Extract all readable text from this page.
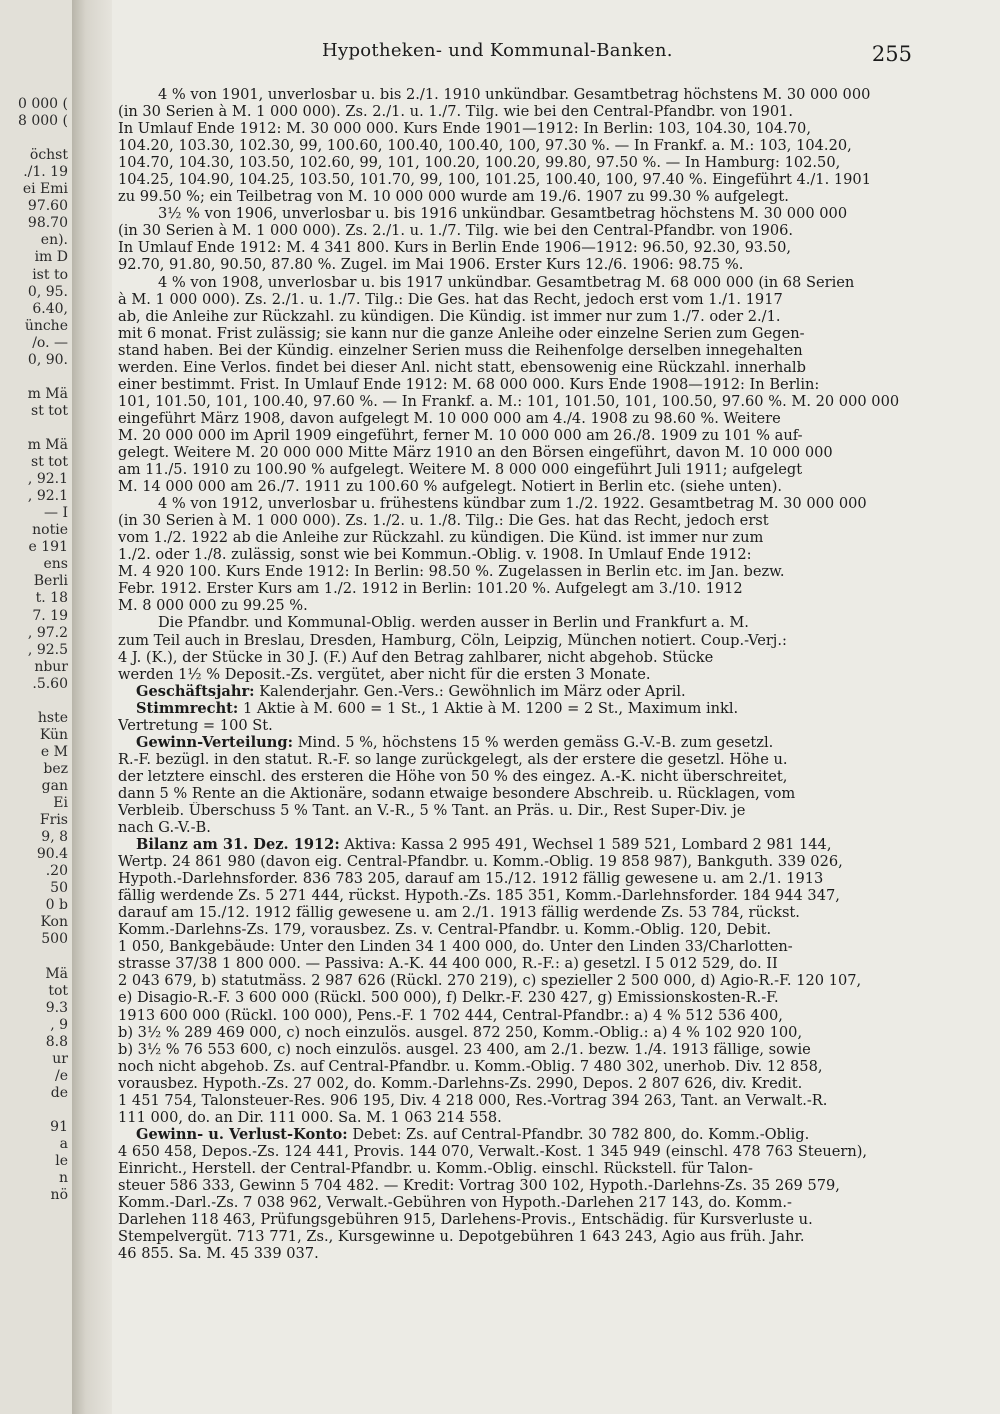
0 000 (
8 000 (
öchst
./1. 19
ei Emi
97.60
98.70
en).
im D
ist to
0, 95.
6.40,
ünche
/o. —
0, 90.
m Mä
st tot
m Mä
st tot
, 92.1
, 92.1
— I
notie
e 191
ens
Berli
t. 18
7. 19
, 97.2
, 92.5
nbur
.5.60
hste
Kün
e M
bez
gan
Ei
Fris
9, 8
90.4
.20
50
0 b
Kon
500
Mä
tot
9.3
, 9
8.8
ur
/e
de
91
a
le
n
nö
Hypotheken- und Kommunal-Banken.	255
4 % von 1901, unverlosbar u. bis 2./1. 1910 unkündbar. Gesamtbetrag höchstens M. 30 000 000
(in 30 Serien à M. 1 000 000). Zs. 2./1. u. 1./7. Tilg. wie bei den Central-Pfandbr. von 1901.
In Umlauf Ende 1912: M. 30 000 000. Kurs Ende 1901—1912: In Berlin: 103, 104.30, 104.70,
104.20, 103.30, 102.30, 99, 100.60, 100.40, 100.40, 100, 97.30 %. — In Frankf. a. M.: 103, 104.20,
104.70, 104.30, 103.50, 102.60, 99, 101, 100.20, 100.20, 99.80, 97.50 %. — In Hamburg: 102.50,
104.25, 104.90, 104.25, 103.50, 101.70, 99, 100, 101.25, 100.40, 100, 97.40 %. Eingeführt 4./1. 1901
zu 99.50 %; ein Teilbetrag von M. 10 000 000 wurde am 19./6. 1907 zu 99.30 % aufgelegt.
3½ % von 1906, unverlosbar u. bis 1916 unkündbar. Gesamtbetrag höchstens M. 30 000 000
(in 30 Serien à M. 1 000 000). Zs. 2./1. u. 1./7. Tilg. wie bei den Central-Pfandbr. von 1906.
In Umlauf Ende 1912: M. 4 341 800. Kurs in Berlin Ende 1906—1912: 96.50, 92.30, 93.50,
92.70, 91.80, 90.50, 87.80 %. Zugel. im Mai 1906. Erster Kurs 12./6. 1906: 98.75 %.
4 % von 1908, unverlosbar u. bis 1917 unkündbar. Gesamtbetrag M. 68 000 000 (in 68 Serien
à M. 1 000 000). Zs. 2./1. u. 1./7. Tilg.: Die Ges. hat das Recht, jedoch erst vom 1./1. 1917
ab, die Anleihe zur Rückzahl. zu kündigen. Die Kündig. ist immer nur zum 1./7. oder 2./1.
mit 6 monat. Frist zulässig; sie kann nur die ganze Anleihe oder einzelne Serien zum Gegen-
stand haben. Bei der Kündig. einzelner Serien muss die Reihenfolge derselben innegehalten
werden. Eine Verlos. findet bei dieser Anl. nicht statt, ebensowenig eine Rückzahl. innerhalb
einer bestimmt. Frist. In Umlauf Ende 1912: M. 68 000 000. Kurs Ende 1908—1912: In Berlin:
101, 101.50, 101, 100.40, 97.60 %. — In Frankf. a. M.: 101, 101.50, 101, 100.50, 97.60 %. M. 20 000 000
eingeführt März 1908, davon aufgelegt M. 10 000 000 am 4./4. 1908 zu 98.60 %. Weitere
M. 20 000 000 im April 1909 eingeführt, ferner M. 10 000 000 am 26./8. 1909 zu 101 % auf-
gelegt. Weitere M. 20 000 000 Mitte März 1910 an den Börsen eingeführt, davon M. 10 000 000
am 11./5. 1910 zu 100.90 % aufgelegt. Weitere M. 8 000 000 eingeführt Juli 1911; aufgelegt
M. 14 000 000 am 26./7. 1911 zu 100.60 % aufgelegt. Notiert in Berlin etc. (siehe unten).
4 % von 1912, unverlosbar u. frühestens kündbar zum 1./2. 1922. Gesamtbetrag M. 30 000 000
(in 30 Serien à M. 1 000 000). Zs. 1./2. u. 1./8. Tilg.: Die Ges. hat das Recht, jedoch erst
vom 1./2. 1922 ab die Anleihe zur Rückzahl. zu kündigen. Die Künd. ist immer nur zum
1./2. oder 1./8. zulässig, sonst wie bei Kommun.-Oblig. v. 1908. In Umlauf Ende 1912:
M. 4 920 100. Kurs Ende 1912: In Berlin: 98.50 %. Zugelassen in Berlin etc. im Jan. bezw.
Febr. 1912. Erster Kurs am 1./2. 1912 in Berlin: 101.20 %. Aufgelegt am 3./10. 1912
M. 8 000 000 zu 99.25 %.
Die Pfandbr. und Kommunal-Oblig. werden ausser in Berlin und Frankfurt a. M.
zum Teil auch in Breslau, Dresden, Hamburg, Cöln, Leipzig, München notiert. Coup.-Verj.:
4 J. (K.), der Stücke in 30 J. (F.) Auf den Betrag zahlbarer, nicht abgehob. Stücke
werden 1½ % Deposit.-Zs. vergütet, aber nicht für die ersten 3 Monate.
Geschäftsjahr: Kalenderjahr. Gen.-Vers.: Gewöhnlich im März oder April.
Stimmrecht: 1 Aktie à M. 600 = 1 St., 1 Aktie à M. 1200 = 2 St., Maximum inkl.
Vertretung = 100 St.
Gewinn-Verteilung: Mind. 5 %, höchstens 15 % werden gemäss G.-V.-B. zum gesetzl.
R.-F. bezügl. in den statut. R.-F. so lange zurückgelegt, als der erstere die gesetzl. Höhe u.
der letztere einschl. des ersteren die Höhe von 50 % des eingez. A.-K. nicht überschreitet,
dann 5 % Rente an die Aktionäre, sodann etwaige besondere Abschreib. u. Rücklagen, vom
Verbleib. Überschuss 5 % Tant. an V.-R., 5 % Tant. an Präs. u. Dir., Rest Super-Div. je
nach G.-V.-B.
Bilanz am 31. Dez. 1912: Aktiva: Kassa 2 995 491, Wechsel 1 589 521, Lombard 2 981 144,
Wertp. 24 861 980 (davon eig. Central-Pfandbr. u. Komm.-Oblig. 19 858 987), Bankguth. 339 026,
Hypoth.-Darlehnsforder. 836 783 205, darauf am 15./12. 1912 fällig gewesene u. am 2./1. 1913
fällig werdende Zs. 5 271 444, rückst. Hypoth.-Zs. 185 351, Komm.-Darlehnsforder. 184 944 347,
darauf am 15./12. 1912 fällig gewesene u. am 2./1. 1913 fällig werdende Zs. 53 784, rückst.
Komm.-Darlehns-Zs. 179, vorausbez. Zs. v. Central-Pfandbr. u. Komm.-Oblig. 120, Debit.
1 050, Bankgebäude: Unter den Linden 34 1 400 000, do. Unter den Linden 33/Charlotten-
strasse 37/38 1 800 000. — Passiva: A.-K. 44 400 000, R.-F.: a) gesetzl. I 5 012 529, do. II
2 043 679, b) statutmäss. 2 987 626 (Rückl. 270 219), c) spezieller 2 500 000, d) Agio-R.-F. 120 107,
e) Disagio-R.-F. 3 600 000 (Rückl. 500 000), f) Delkr.-F. 230 427, g) Emissionskosten-R.-F.
1913 600 000 (Rückl. 100 000), Pens.-F. 1 702 444, Central-Pfandbr.: a) 4 % 512 536 400,
b) 3½ % 289 469 000, c) noch einzulös. ausgel. 872 250, Komm.-Oblig.: a) 4 % 102 920 100,
b) 3½ % 76 553 600, c) noch einzulös. ausgel. 23 400, am 2./1. bezw. 1./4. 1913 fällige, sowie
noch nicht abgehob. Zs. auf Central-Pfandbr. u. Komm.-Oblig. 7 480 302, unerhob. Div. 12 858,
vorausbez. Hypoth.-Zs. 27 002, do. Komm.-Darlehns-Zs. 2990, Depos. 2 807 626, div. Kredit.
1 451 754, Talonsteuer-Res. 906 195, Div. 4 218 000, Res.-Vortrag 394 263, Tant. an Verwalt.-R.
111 000, do. an Dir. 111 000. Sa. M. 1 063 214 558.
Gewinn- u. Verlust-Konto: Debet: Zs. auf Central-Pfandbr. 30 782 800, do. Komm.-Oblig.
4 650 458, Depos.-Zs. 124 441, Provis. 144 070, Verwalt.-Kost. 1 345 949 (einschl. 478 763 Steuern),
Einricht., Herstell. der Central-Pfandbr. u. Komm.-Oblig. einschl. Rückstell. für Talon-
steuer 586 333, Gewinn 5 704 482. — Kredit: Vortrag 300 102, Hypoth.-Darlehns-Zs. 35 269 579,
Komm.-Darl.-Zs. 7 038 962, Verwalt.-Gebühren von Hypoth.-Darlehen 217 143, do. Komm.-
Darlehen 118 463, Prüfungsgebühren 915, Darlehens-Provis., Entschädig. für Kursverluste u.
Stempelvergüt. 713 771, Zs., Kursgewinne u. Depotgebühren 1 643 243, Agio aus früh. Jahr.
46 855. Sa. M. 45 339 037.
